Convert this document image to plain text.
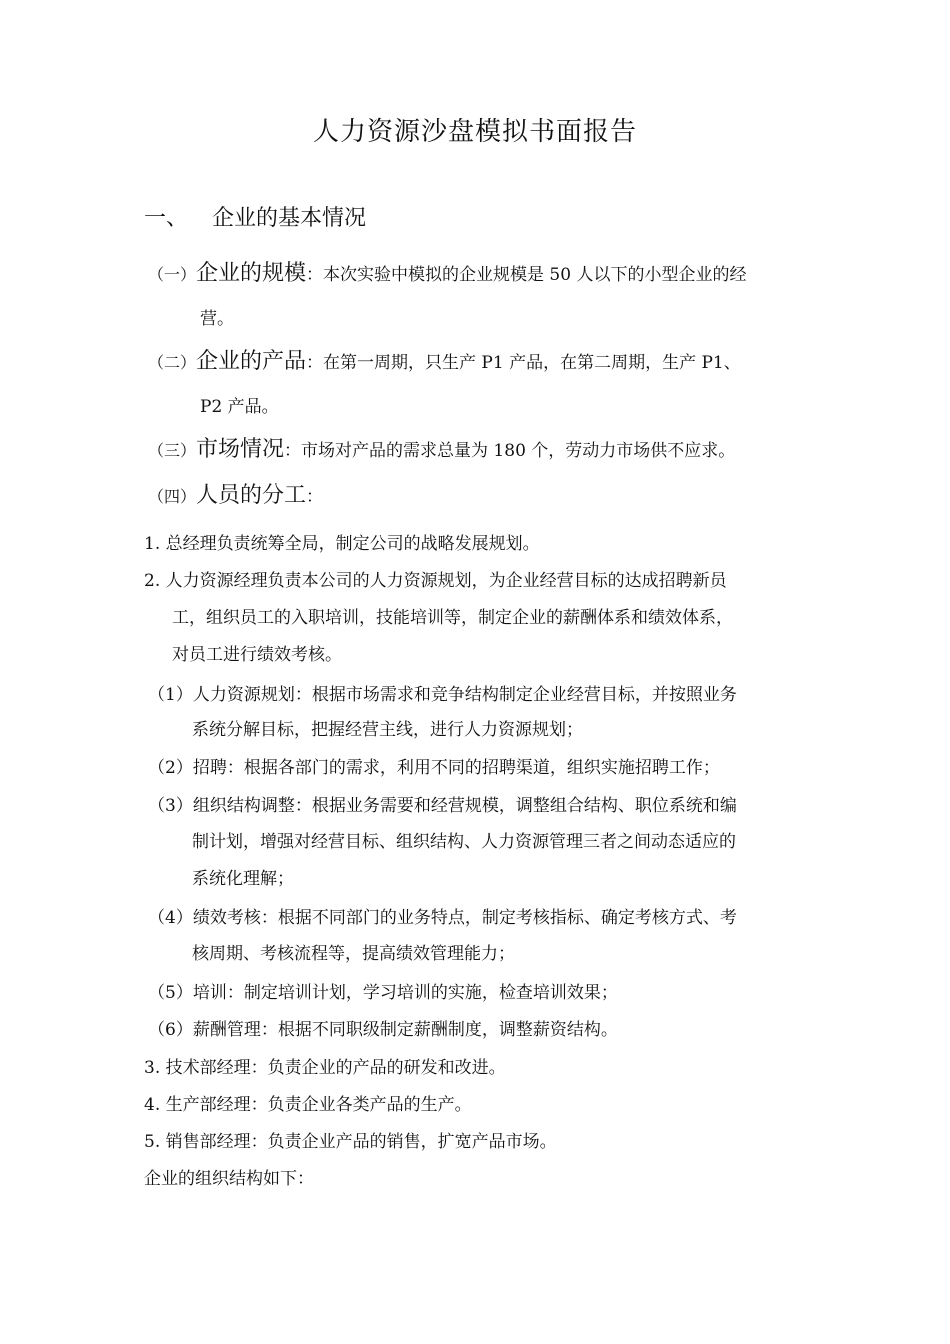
人力资源沙盘模拟书面报告
一、 企业的基本情况
（一）企业的规模：本次实验中模拟的企业规模是 50 人以下的小型企业的经
营。
（二）企业的产品：在第一周期，只生产 P1 产品，在第二周期，生产 P1、
P2 产品。
（三）市场情况：市场对产品的需求总量为 180 个，劳动力市场供不应求。
（四）人员的分工：
1. 总经理负责统筹全局，制定公司的战略发展规划。
2. 人力资源经理负责本公司的人力资源规划，为企业经营目标的达成招聘新员
工，组织员工的入职培训，技能培训等，制定企业的薪酬体系和绩效体系，
对员工进行绩效考核。
（1）人力资源规划：根据市场需求和竞争结构制定企业经营目标，并按照业务
系统分解目标，把握经营主线，进行人力资源规划；
（2）招聘：根据各部门的需求，利用不同的招聘渠道，组织实施招聘工作；
（3）组织结构调整：根据业务需要和经营规模，调整组合结构、职位系统和编
制计划，增强对经营目标、组织结构、人力资源管理三者之间动态适应的
系统化理解；
（4）绩效考核：根据不同部门的业务特点，制定考核指标、确定考核方式、考
核周期、考核流程等，提高绩效管理能力；
（5）培训：制定培训计划，学习培训的实施，检查培训效果；
（6）薪酬管理：根据不同职级制定薪酬制度，调整薪资结构。
3. 技术部经理：负责企业的产品的研发和改进。
4. 生产部经理：负责企业各类产品的生产。
5. 销售部经理：负责企业产品的销售，扩宽产品市场。
企业的组织结构如下：
